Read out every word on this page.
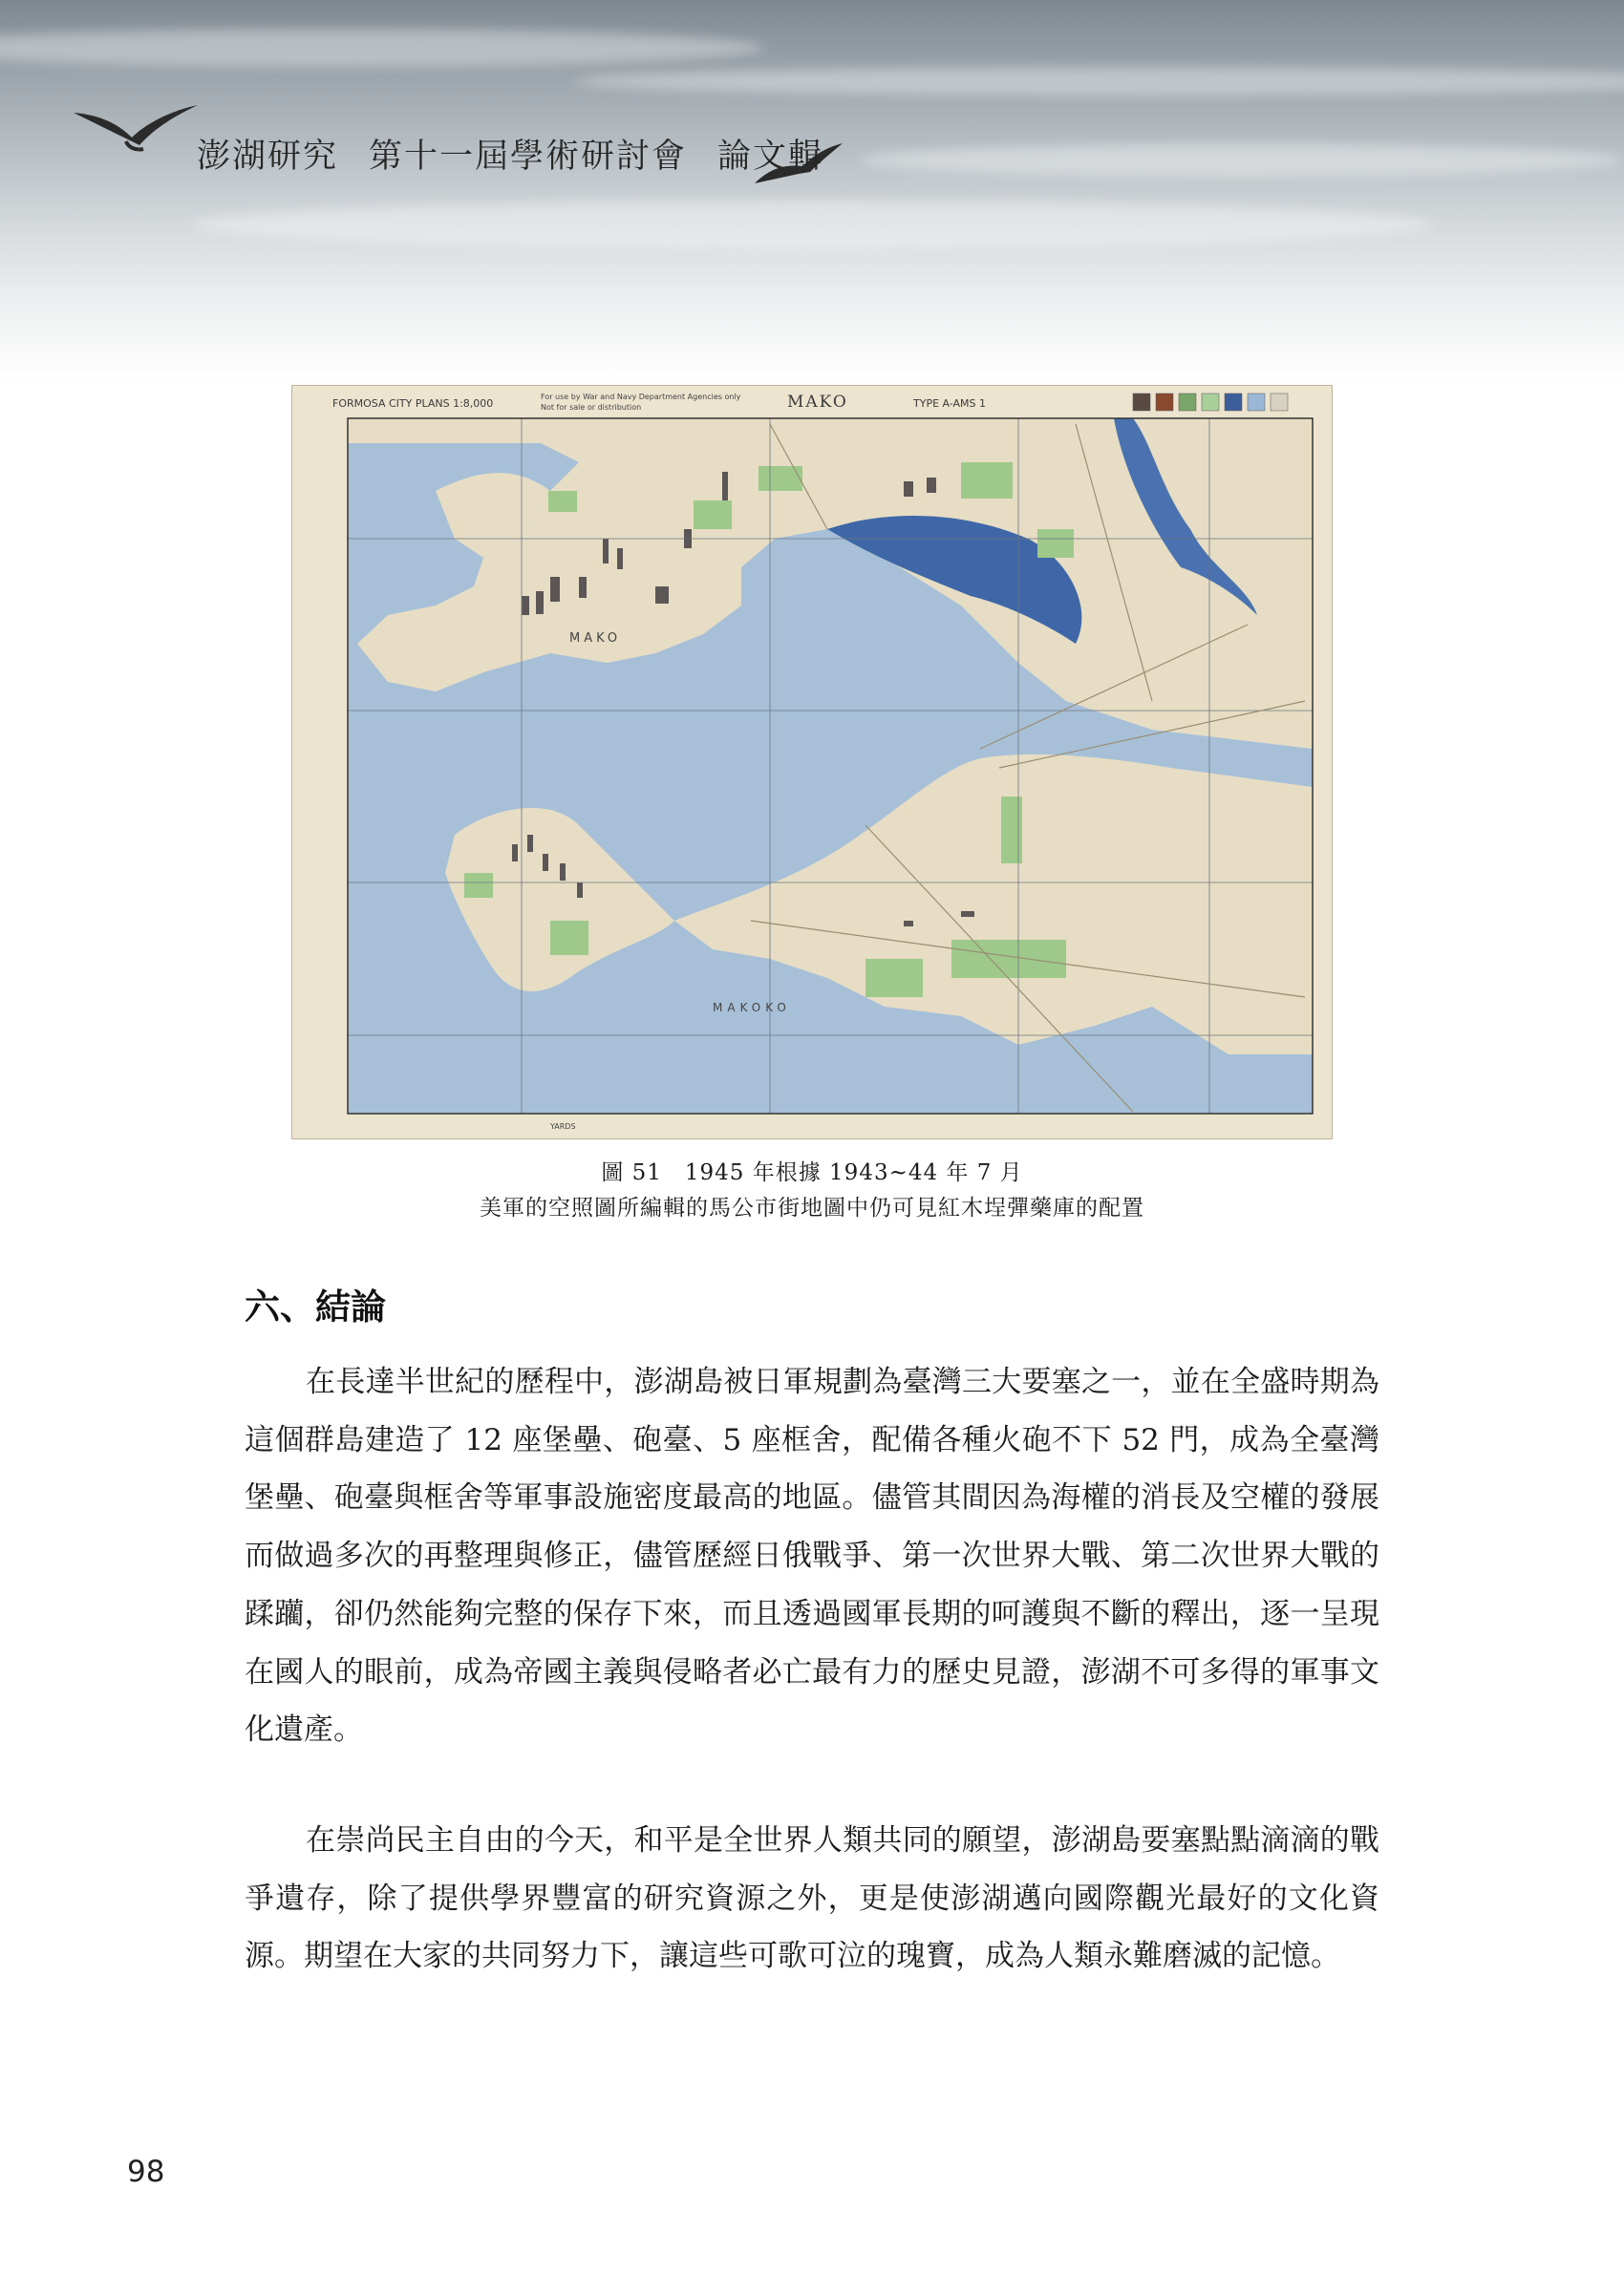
澎湖研究 第十一屆學術研討會 論文輯
FORMOSA CITY PLANS 1:8,000
For use by War and Navy Department Agencies only
Not for sale or distribution	MAKO	TYPE A-AMS 1
MAKO
MAKOKO
YARDS
圖 51　1945 年根據 1943~44 年 7 月
美軍的空照圖所編輯的馬公市街地圖中仍可見紅木埕彈藥庫的配置
六、結論
在長達半世紀的歷程中，澎湖島被日軍規劃為臺灣三大要塞之一，並在全盛時期為這個群島建造了 12 座堡壘、砲臺、5 座框舍，配備各種火砲不下 52 門，成為全臺灣堡壘、砲臺與框舍等軍事設施密度最高的地區。儘管其間因為海權的消長及空權的發展而做過多次的再整理與修正，儘管歷經日俄戰爭、第一次世界大戰、第二次世界大戰的蹂躪，卻仍然能夠完整的保存下來，而且透過國軍長期的呵護與不斷的釋出，逐一呈現在國人的眼前，成為帝國主義與侵略者必亡最有力的歷史見證，澎湖不可多得的軍事文化遺產。
在崇尚民主自由的今天，和平是全世界人類共同的願望，澎湖島要塞點點滴滴的戰爭遺存，除了提供學界豐富的研究資源之外，更是使澎湖邁向國際觀光最好的文化資源。期望在大家的共同努力下，讓這些可歌可泣的瑰寶，成為人類永難磨滅的記憶。
98
